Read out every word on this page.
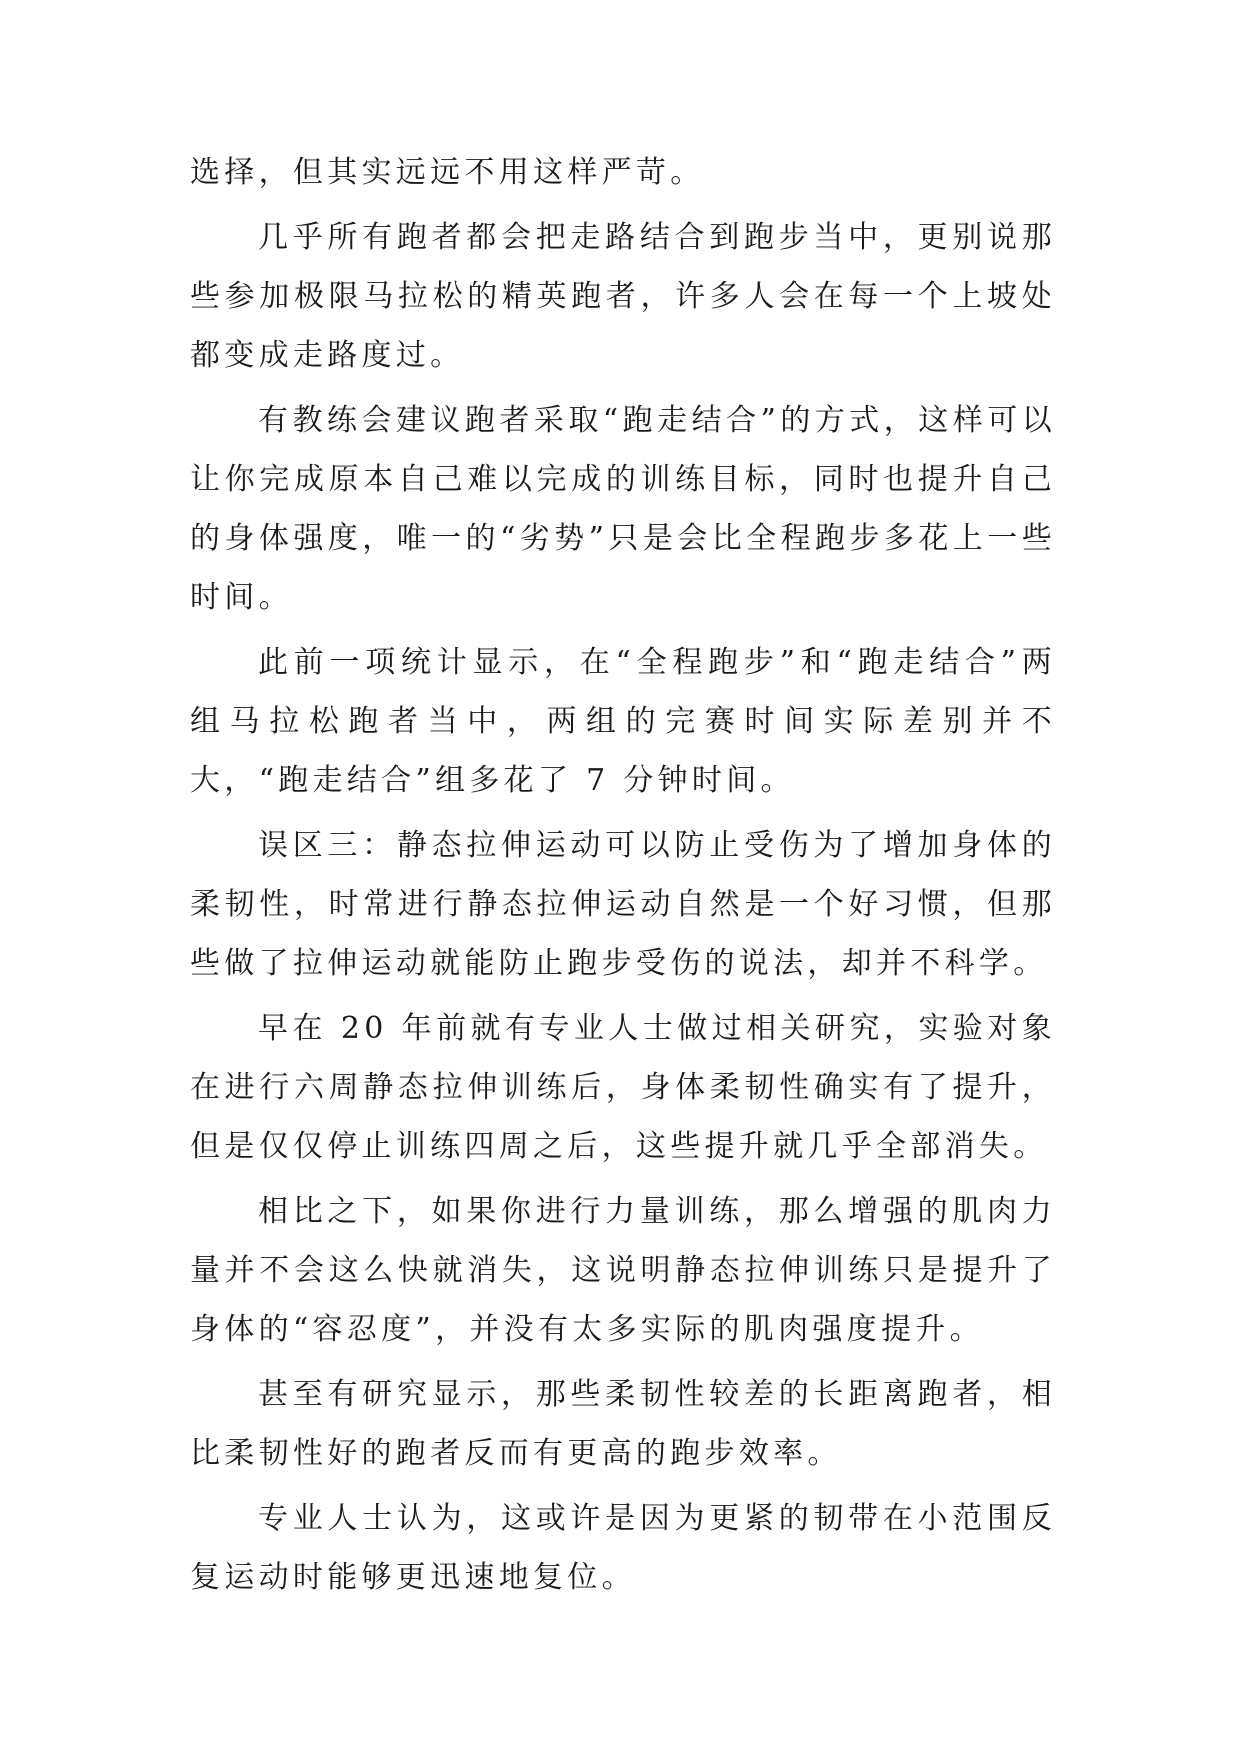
选择，但其实远远不用这样严苛。

几乎所有跑者都会把走路结合到跑步当中，更别说那些参加极限马拉松的精英跑者，许多人会在每一个上坡处都变成走路度过。

有教练会建议跑者采取“跑走结合”的方式，这样可以让你完成原本自己难以完成的训练目标，同时也提升自己的身体强度，唯一的“劣势”只是会比全程跑步多花上一些时间。

此前一项统计显示，在“全程跑步”和“跑走结合”两组马拉松跑者当中，两组的完赛时间实际差别并不大，“跑走结合”组多花了 7 分钟时间。

误区三：静态拉伸运动可以防止受伤为了增加身体的柔韧性，时常进行静态拉伸运动自然是一个好习惯，但那些做了拉伸运动就能防止跑步受伤的说法，却并不科学。

早在 20 年前就有专业人士做过相关研究，实验对象在进行六周静态拉伸训练后，身体柔韧性确实有了提升，但是仅仅停止训练四周之后，这些提升就几乎全部消失。

相比之下，如果你进行力量训练，那么增强的肌肉力量并不会这么快就消失，这说明静态拉伸训练只是提升了身体的“容忍度”，并没有太多实际的肌肉强度提升。

甚至有研究显示，那些柔韧性较差的长距离跑者，相比柔韧性好的跑者反而有更高的跑步效率。

专业人士认为，这或许是因为更紧的韧带在小范围反复运动时能够更迅速地复位。
